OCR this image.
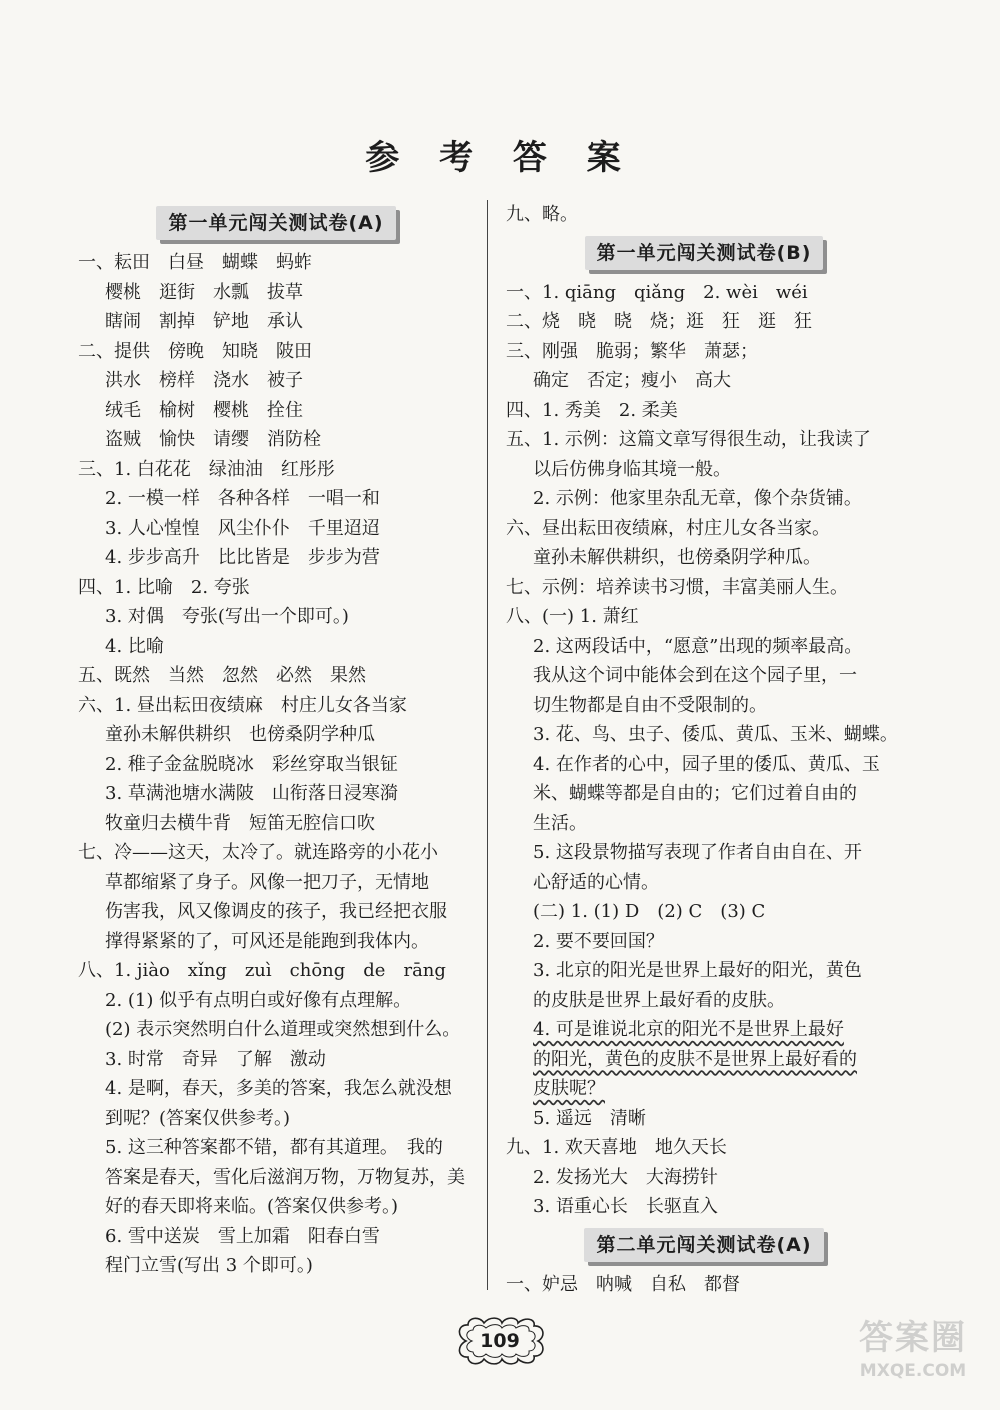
参 考 答 案
第一单元闯关测试卷(A)
一、耘田　白昼　蝴蝶　蚂蚱
樱桃　逛街　水瓢　拔草
瞎闹　割掉　铲地　承认
二、提供　傍晚　知晓　陂田
洪水　榜样　浇水　被子
绒毛　榆树　樱桃　拴住
盗贼　愉快　请缨　消防栓
三、1. 白花花　绿油油　红彤彤
2. 一模一样　各种各样　一唱一和
3. 人心惶惶　风尘仆仆　千里迢迢
4. 步步高升　比比皆是　步步为营
四、1. 比喻　2. 夸张
3. 对偶　夸张(写出一个即可。)
4. 比喻
五、既然　当然　忽然　必然　果然
六、1. 昼出耘田夜绩麻　村庄儿女各当家
童孙未解供耕织　也傍桑阴学种瓜
2. 稚子金盆脱晓冰　彩丝穿取当银钲
3. 草满池塘水满陂　山衔落日浸寒漪
牧童归去横牛背　短笛无腔信口吹
七、冷——这天，太冷了。就连路旁的小花小
草都缩紧了身子。风像一把刀子，无情地
伤害我，风又像调皮的孩子，我已经把衣服
撑得紧紧的了，可风还是能跑到我体内。
八、1. jiào　xǐng　zuì　chōng　de　rāng
2. (1) 似乎有点明白或好像有点理解。
(2) 表示突然明白什么道理或突然想到什么。
3. 时常　奇异　了解　激动
4. 是啊，春天，多美的答案，我怎么就没想
到呢？(答案仅供参考。)
5. 这三种答案都不错，都有其道理。　我的
答案是春天，雪化后滋润万物，万物复苏，美
好的春天即将来临。(答案仅供参考。)
6. 雪中送炭　雪上加霜　阳春白雪
程门立雪(写出 3 个即可。)
九、略。
第一单元闯关测试卷(B)
一、1. qiāng　qiǎng　2. wèi　wéi
二、烧　晓　晓　烧；逛　狂　逛　狂
三、刚强　脆弱；繁华　萧瑟；
确定　否定；瘦小　高大
四、1. 秀美　2. 柔美
五、1. 示例：这篇文章写得很生动，让我读了
以后仿佛身临其境一般。
2. 示例：他家里杂乱无章，像个杂货铺。
六、昼出耘田夜绩麻，村庄儿女各当家。
童孙未解供耕织，也傍桑阴学种瓜。
七、示例：培养读书习惯，丰富美丽人生。
八、(一) 1. 萧红
2. 这两段话中，“愿意”出现的频率最高。
我从这个词中能体会到在这个园子里，一
切生物都是自由不受限制的。
3. 花、鸟、虫子、倭瓜、黄瓜、玉米、蝴蝶。
4. 在作者的心中，园子里的倭瓜、黄瓜、玉
米、蝴蝶等都是自由的；它们过着自由的
生活。
5. 这段景物描写表现了作者自由自在、开
心舒适的心情。
(二) 1. (1) D　(2) C　(3) C
2. 要不要回国？
3. 北京的阳光是世界上最好的阳光，黄色
的皮肤是世界上最好看的皮肤。
4. 可是谁说北京的阳光不是世界上最好
的阳光，黄色的皮肤不是世界上最好看的
皮肤呢？
5. 遥远　清晰
九、1. 欢天喜地　地久天长
2. 发扬光大　大海捞针
3. 语重心长　长驱直入
第二单元闯关测试卷(A)
一、妒忌　呐喊　自私　都督
109	答案圈
MXQE.COM
